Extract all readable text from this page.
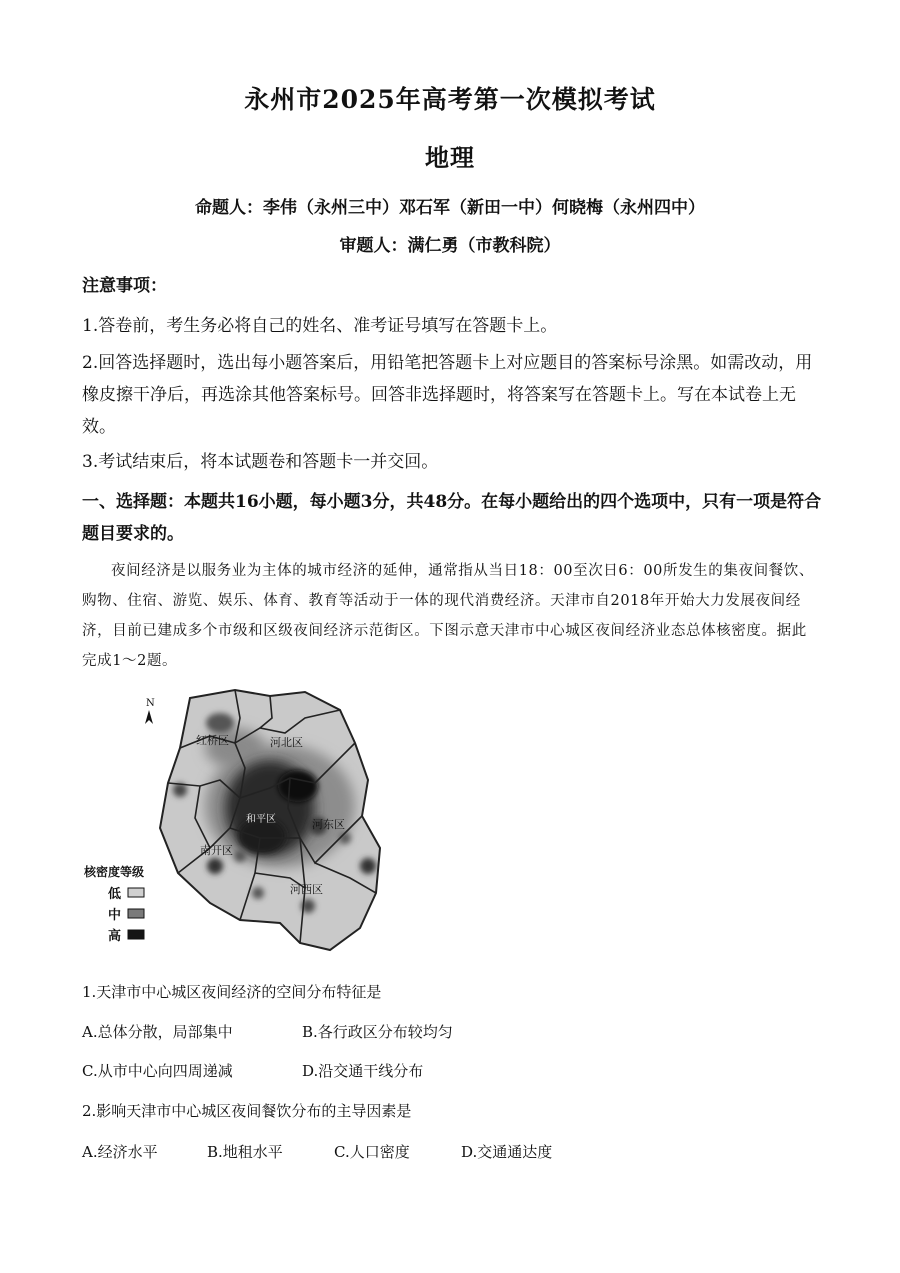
永州市2025年高考第一次模拟考试
地理
命题人：李伟（永州三中）邓石军（新田一中）何晓梅（永州四中）
审题人：满仁勇（市教科院）
注意事项：
1.答卷前，考生务必将自己的姓名、准考证号填写在答题卡上。
2.回答选择题时，选出每小题答案后，用铅笔把答题卡上对应题目的答案标号涂黑。如需改动，用橡皮擦干净后，再选涂其他答案标号。回答非选择题时，将答案写在答题卡上。写在本试卷上无效。
3.考试结束后，将本试题卷和答题卡一并交回。
一、选择题：本题共16小题，每小题3分，共48分。在每小题给出的四个选项中，只有一项是符合题目要求的。
夜间经济是以服务业为主体的城市经济的延伸，通常指从当日18：00至次日6：00所发生的集夜间餐饮、购物、住宿、游览、娱乐、体育、教育等活动于一体的现代消费经济。天津市自2018年开始大力发展夜间经济，目前已建成多个市级和区级夜间经济示范街区。下图示意天津市中心城区夜间经济业态总体核密度。据此完成1～2题。
N
红桥区	河北区
和平区	河东区
南开区
河西区
核密度等级
低
中
高
1.天津市中心城区夜间经济的空间分布特征是
A.总体分散，局部集中	B.各行政区分布较均匀
C.从市中心向四周递减	D.沿交通干线分布
2.影响天津市中心城区夜间餐饮分布的主导因素是
A.经济水平	B.地租水平	C.人口密度	D.交通通达度
